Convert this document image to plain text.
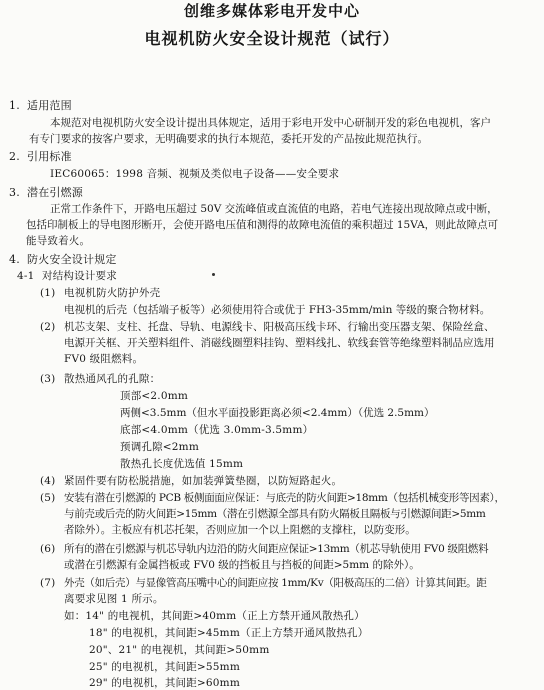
创维多媒体彩电开发中心
电视机防火安全设计规范（试行）
1. 适用范围
本规范对电视机防火安全设计提出具体规定，适用于彩电开发中心研制开发的彩色电视机，客户
有专门要求的按客户要求，无明确要求的执行本规范，委托开发的产品按此规范执行。
2. 引用标准
IEC60065：1998 音频、视频及类似电子设备——安全要求
3. 潜在引燃源
正常工作条件下，开路电压超过 50V 交流峰值或直流值的电路，若电气连接出现故障点或中断，
包括印制板上的导电图形断开，会使开路电压值和测得的故障电流值的乘积超过 15VA，则此故障点可
能导致着火。
4. 防火安全设计规定
4-1 对结构设计要求
(1) 电视机防火防护外壳
电视机的后壳（包括端子板等）必须使用符合或优于 FH3-35mm/min 等级的聚合物材料。
(2) 机芯支架、支柱、托盘、导轨、电源线卡、阳极高压线卡环、行输出变压器支架、保险丝盒、
电源开关框、开关塑料组件、消磁线圈塑料挂钩、塑料线扎、软线套管等绝缘塑料制品应选用
FV0 级阻燃料。
(3) 散热通风孔的孔隙：
顶部<2.0mm
两侧<3.5mm（但水平面投影距离必须<2.4mm）（优选 2.5mm）
底部<4.0mm（优选 3.0mm-3.5mm）
预调孔隙<2mm
散热孔长度优选值 15mm
(4) 紧固件要有防松脱措施，如加装弹簧垫圈，以防短路起火。
(5) 安装有潜在引燃源的 PCB 板侧面面应保证：与底壳的防火间距>18mm（包括机械变形等因素），
与前壳或后壳的防火间距>15mm（潜在引燃源全部具有防火隔板且隔板与引燃源间距>5mm
者除外）。主板应有机芯托架，否则应加一个以上阻燃的支撑柱，以防变形。
(6) 所有的潜在引燃源与机芯导轨内边沿的防火间距应保证>13mm（机芯导轨使用 FV0 级阻燃料
或潜在引燃源有金属挡板或 FV0 级的挡板且与挡板的间距>5mm 的除外）。
(7) 外壳（如后壳）与显像管高压嘴中心的间距应按 1mm/Kv（阳极高压的二倍）计算其间距。距
离要求见图 1 所示。
如：14" 的电视机，其间距>40mm（正上方禁开通风散热孔）
18" 的电视机，其间距>45mm（正上方禁开通风散热孔）
20"、21" 的电视机，其间距>50mm
25" 的电视机，其间距>55mm
29" 的电视机，其间距>60mm
